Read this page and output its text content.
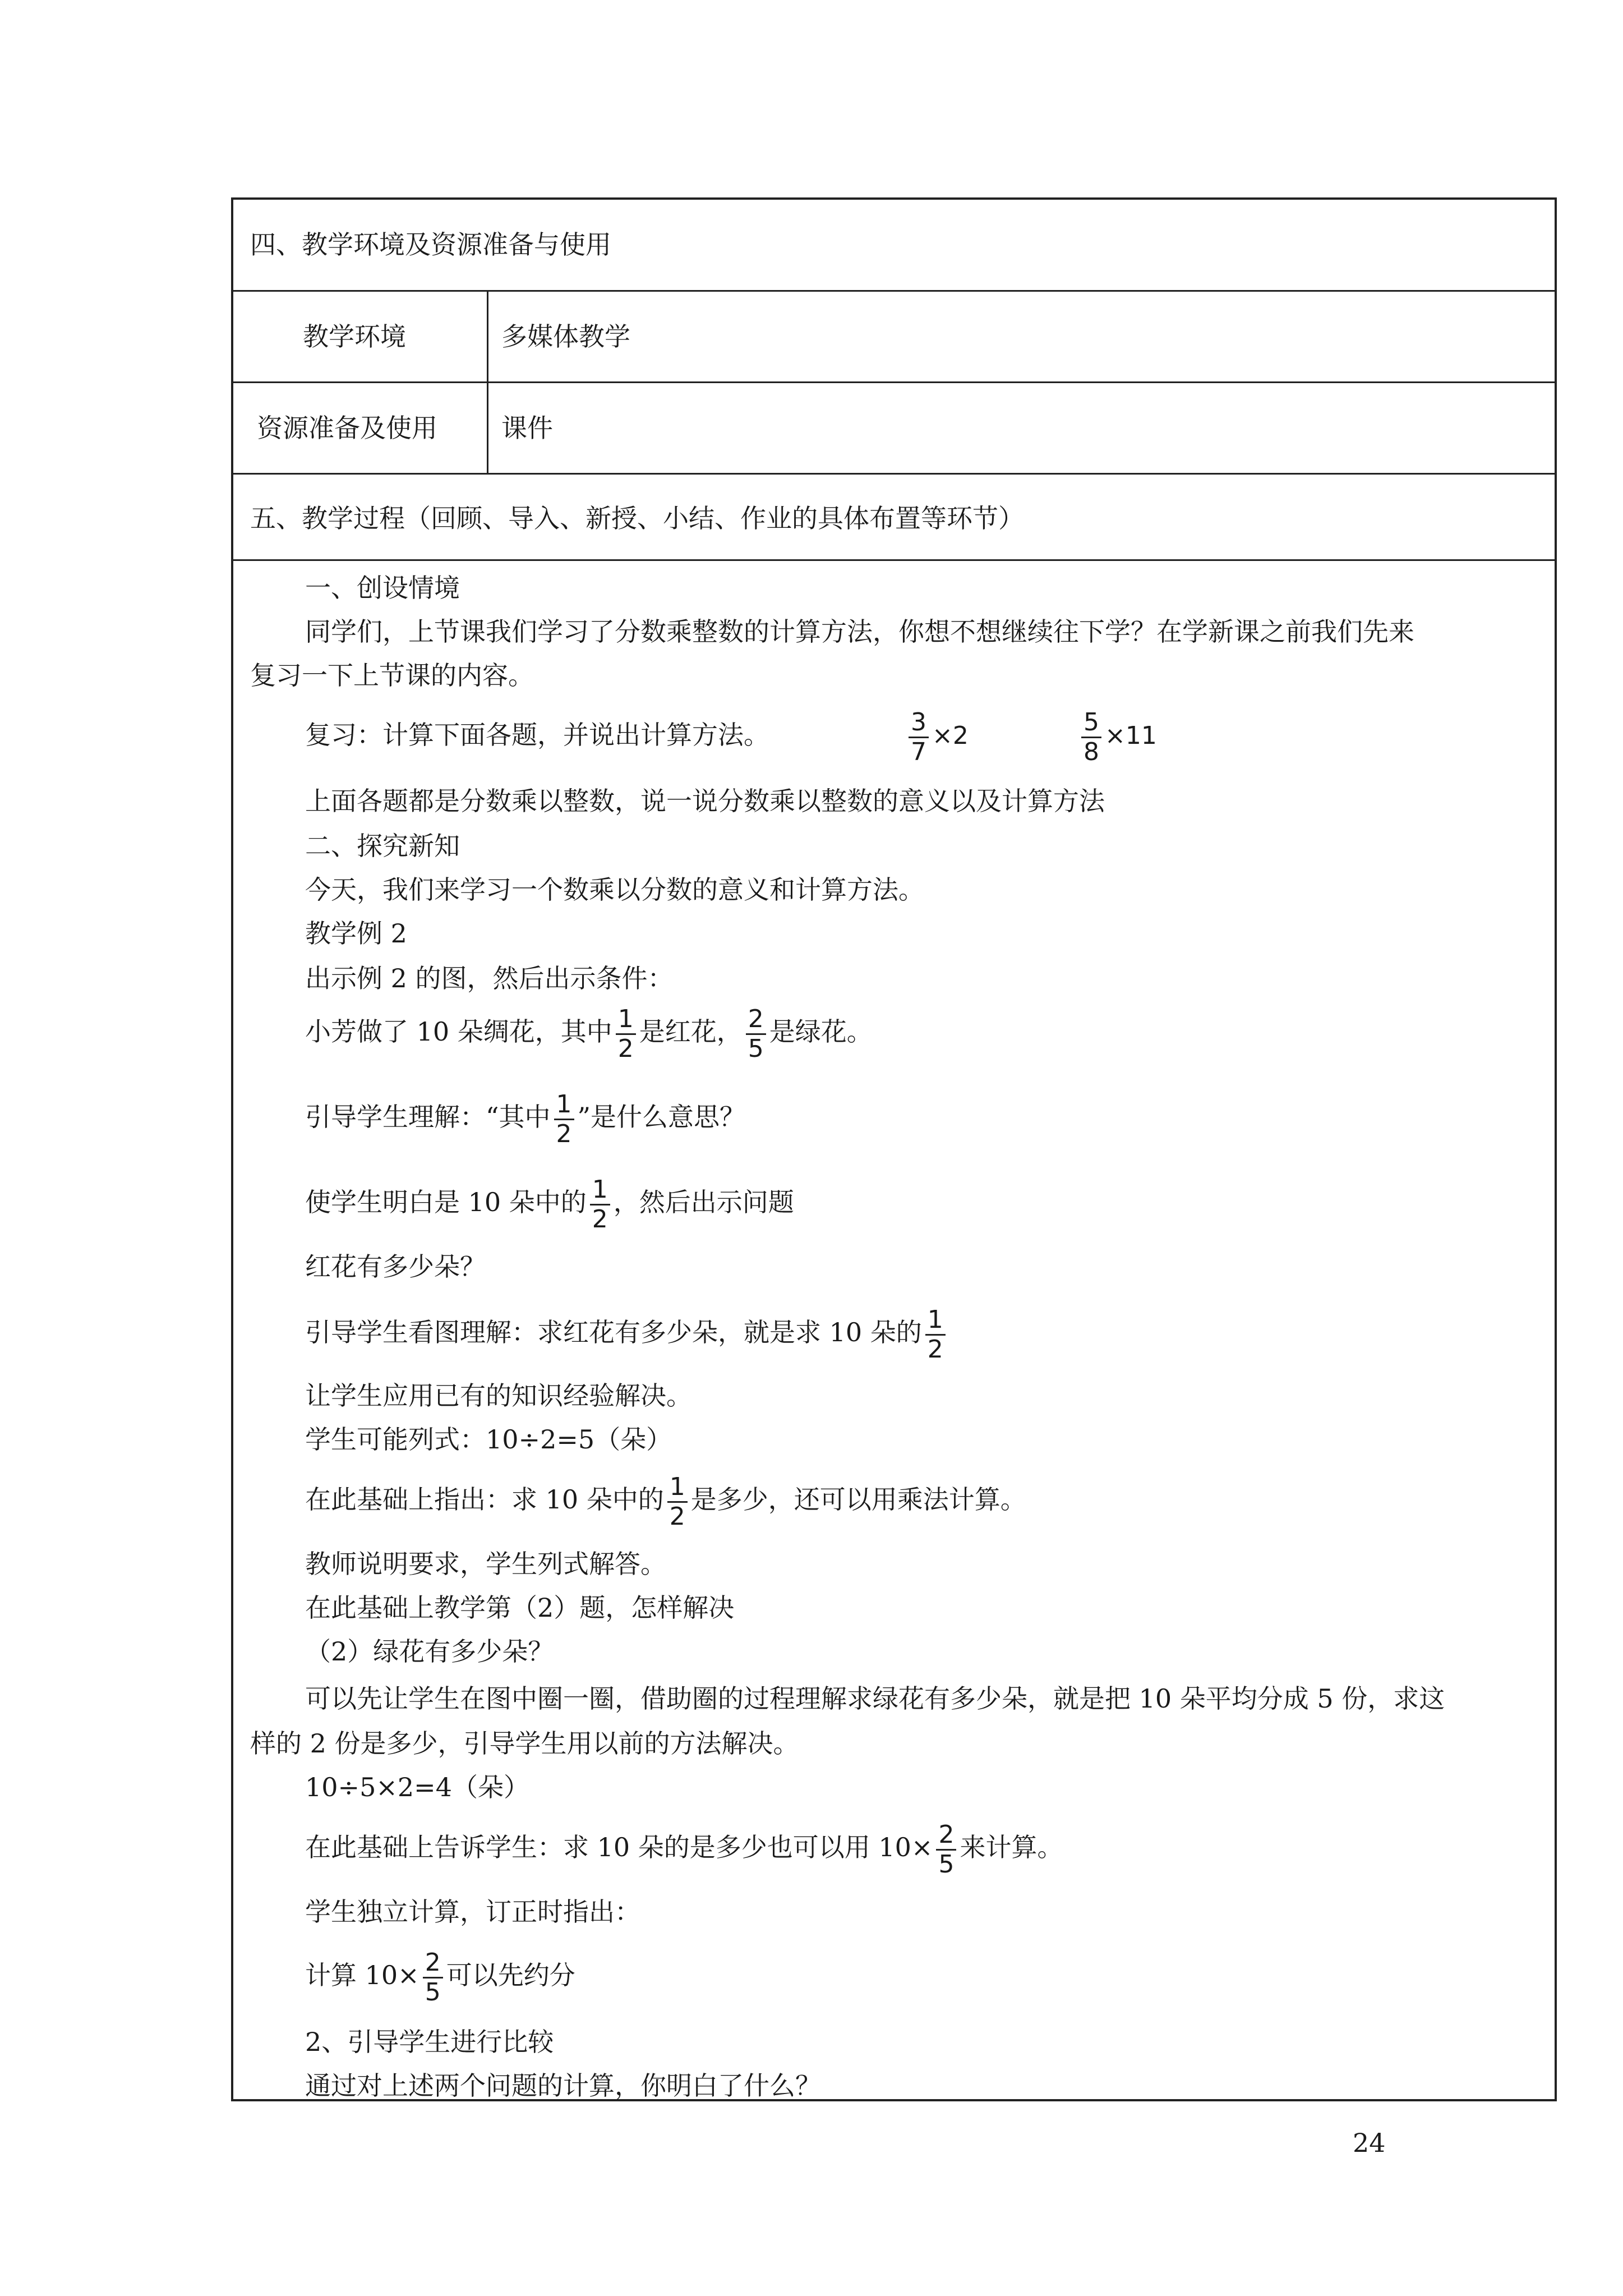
四、教学环境及资源准备与使用
教学环境	多媒体教学
资源准备及使用 课件
五、教学过程（回顾、导入、新授、小结、作业的具体布置等环节）
一、创设情境
同学们，上节课我们学习了分数乘整数的计算方法，你想不想继续往下学？在学新课之前我们先来
复习一下上节课的内容。
复习：计算下面各题，并说出计算方法。	$\frac{3}{7} \times 2$	$\frac{5}{8} \times 11$
上面各题都是分数乘以整数，说一说分数乘以整数的意义以及计算方法
二、探究新知
今天，我们来学习一个数乘以分数的意义和计算方法。
教学例 2
出示例 2 的图，然后出示条件：
小芳做了 10 朵绸花，其中 $\frac{1}{2}$ 是红花， $\frac{2}{5}$ 是绿花。
引导学生理解：“其中 $\frac{1}{2}$ ”是什么意思？
使学生明白是 10 朵中的 $\frac{1}{2}$ ，然后出示问题
红花有多少朵？
引导学生看图理解：求红花有多少朵，就是求 10 朵的 $\frac{1}{2}$
让学生应用已有的知识经验解决。
学生可能列式：10÷2=5（朵）
在此基础上指出：求 10 朵中的 $\frac{1}{2}$ 是多少，还可以用乘法计算。
教师说明要求，学生列式解答。
在此基础上教学第（2）题，怎样解决
（2）绿花有多少朵？
可以先让学生在图中圈一圈，借助圈的过程理解求绿花有多少朵，就是把 10 朵平均分成 5 份，求这
样的 2 份是多少，引导学生用以前的方法解决。
10÷5×2=4（朵）
在此基础上告诉学生：求 10 朵的是多少也可以用 $10\times \frac{2}{5}$ 来计算。
学生独立计算，订正时指出：
计算 $10\times \frac{2}{5}$ 可以先约分
2、引导学生进行比较
通过对上述两个问题的计算，你明白了什么？
24
